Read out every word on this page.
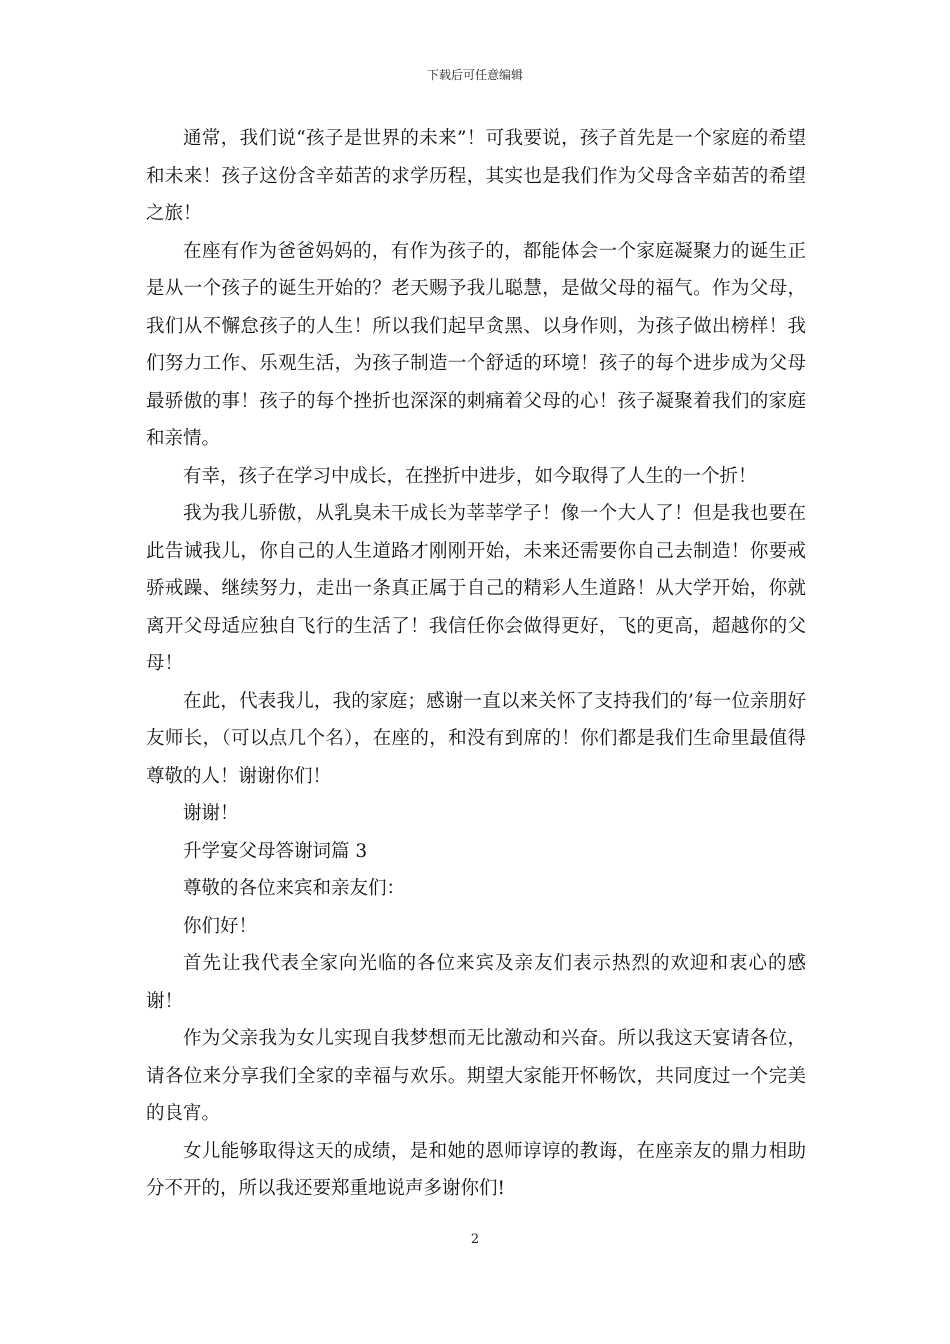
下载后可任意编辑

通常，我们说“孩子是世界的未来”！可我要说，孩子首先是一个家庭的希望和未来！孩子这份含辛茹苦的求学历程，其实也是我们作为父母含辛茹苦的希望之旅！

在座有作为爸爸妈妈的，有作为孩子的，都能体会一个家庭凝聚力的诞生正是从一个孩子的诞生开始的？老天赐予我儿聪慧，是做父母的福气。作为父母，我们从不懈怠孩子的人生！所以我们起早贪黑、以身作则，为孩子做出榜样！我们努力工作、乐观生活，为孩子制造一个舒适的环境！孩子的每个进步成为父母最骄傲的事！孩子的每个挫折也深深的刺痛着父母的心！孩子凝聚着我们的家庭和亲情。

有幸，孩子在学习中成长，在挫折中进步，如今取得了人生的一个折！

我为我儿骄傲，从乳臭未干成长为莘莘学子！像一个大人了！但是我也要在此告诫我儿，你自己的人生道路才刚刚开始，未来还需要你自己去制造！你要戒骄戒躁、继续努力，走出一条真正属于自己的精彩人生道路！从大学开始，你就离开父母适应独自飞行的生活了！我信任你会做得更好，飞的更高，超越你的父母！

在此，代表我儿，我的家庭；感谢一直以来关怀了支持我们的’每一位亲朋好友师长，（可以点几个名），在座的，和没有到席的！你们都是我们生命里最值得尊敬的人！谢谢你们！

谢谢！

升学宴父母答谢词篇 3

尊敬的各位来宾和亲友们：

你们好！

首先让我代表全家向光临的各位来宾及亲友们表示热烈的欢迎和衷心的感谢！

作为父亲我为女儿实现自我梦想而无比激动和兴奋。所以我这天宴请各位，请各位来分享我们全家的幸福与欢乐。期望大家能开怀畅饮，共同度过一个完美的良宵。

女儿能够取得这天的成绩，是和她的恩师谆谆的教诲，在座亲友的鼎力相助分不开的，所以我还要郑重地说声多谢你们!

2
